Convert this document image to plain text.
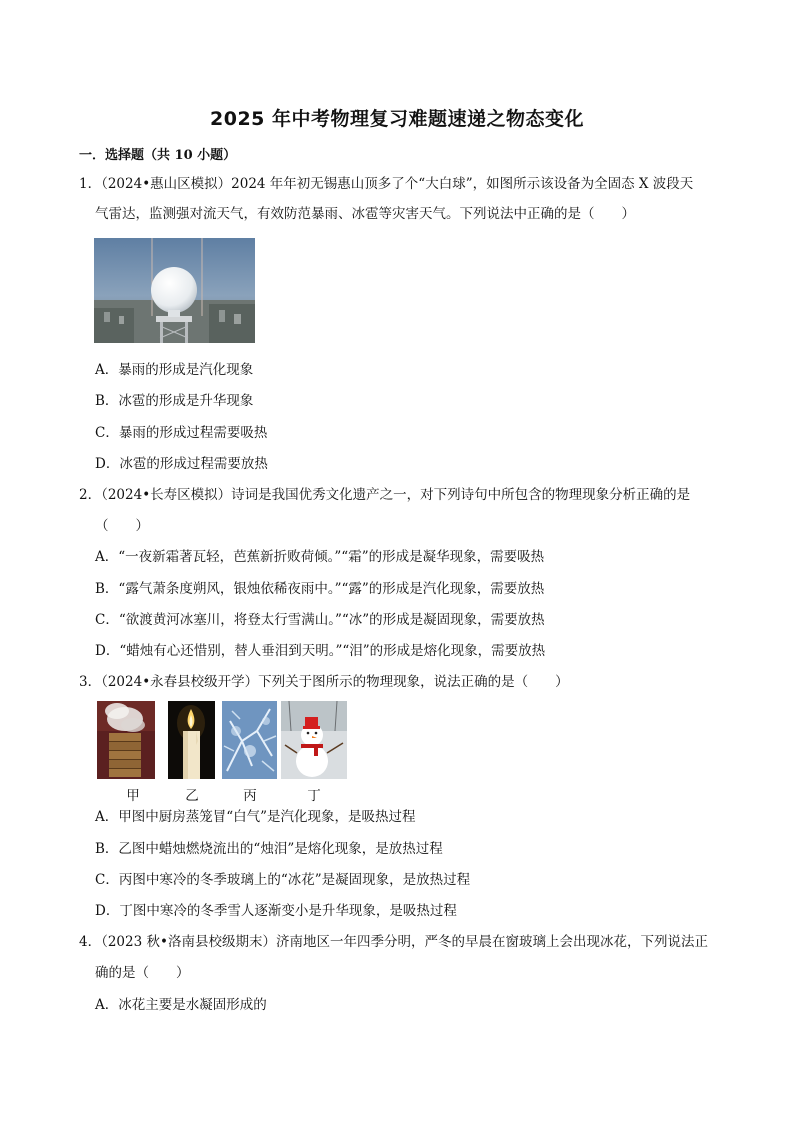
2025 年中考物理复习难题速递之物态变化
一．选择题（共 10 小题）
1．（2024•惠山区模拟）2024 年年初无锡惠山顶多了个“大白球”，如图所示该设备为全固态 X 波段天
气雷达，监测强对流天气，有效防范暴雨、冰雹等灾害天气。下列说法中正确的是（　　）
A．暴雨的形成是汽化现象
B．冰雹的形成是升华现象
C．暴雨的形成过程需要吸热
D．冰雹的形成过程需要放热
2．（2024•长寿区模拟）诗词是我国优秀文化遗产之一，对下列诗句中所包含的物理现象分析正确的是
（　　）
A．“一夜新霜著瓦轻，芭蕉新折败荷倾。”“霜”的形成是凝华现象，需要吸热
B．“露气萧条度朔风，银烛依稀夜雨中。”“露”的形成是汽化现象，需要放热
C．“欲渡黄河冰塞川，将登太行雪满山。”“冰”的形成是凝固现象，需要放热
D．“蜡烛有心还惜别，替人垂泪到天明。”“泪”的形成是熔化现象，需要放热
3．（2024•永春县校级开学）下列关于图所示的物理现象，说法正确的是（　　）
甲	乙	丙	丁
A．甲图中厨房蒸笼冒“白气”是汽化现象，是吸热过程
B．乙图中蜡烛燃烧流出的“烛泪”是熔化现象，是放热过程
C．丙图中寒冷的冬季玻璃上的“冰花”是凝固现象，是放热过程
D．丁图中寒冷的冬季雪人逐渐变小是升华现象，是吸热过程
4．（2023 秋•洛南县校级期末）济南地区一年四季分明，严冬的早晨在窗玻璃上会出现冰花，下列说法正
确的是（　　）
A．冰花主要是水凝固形成的
